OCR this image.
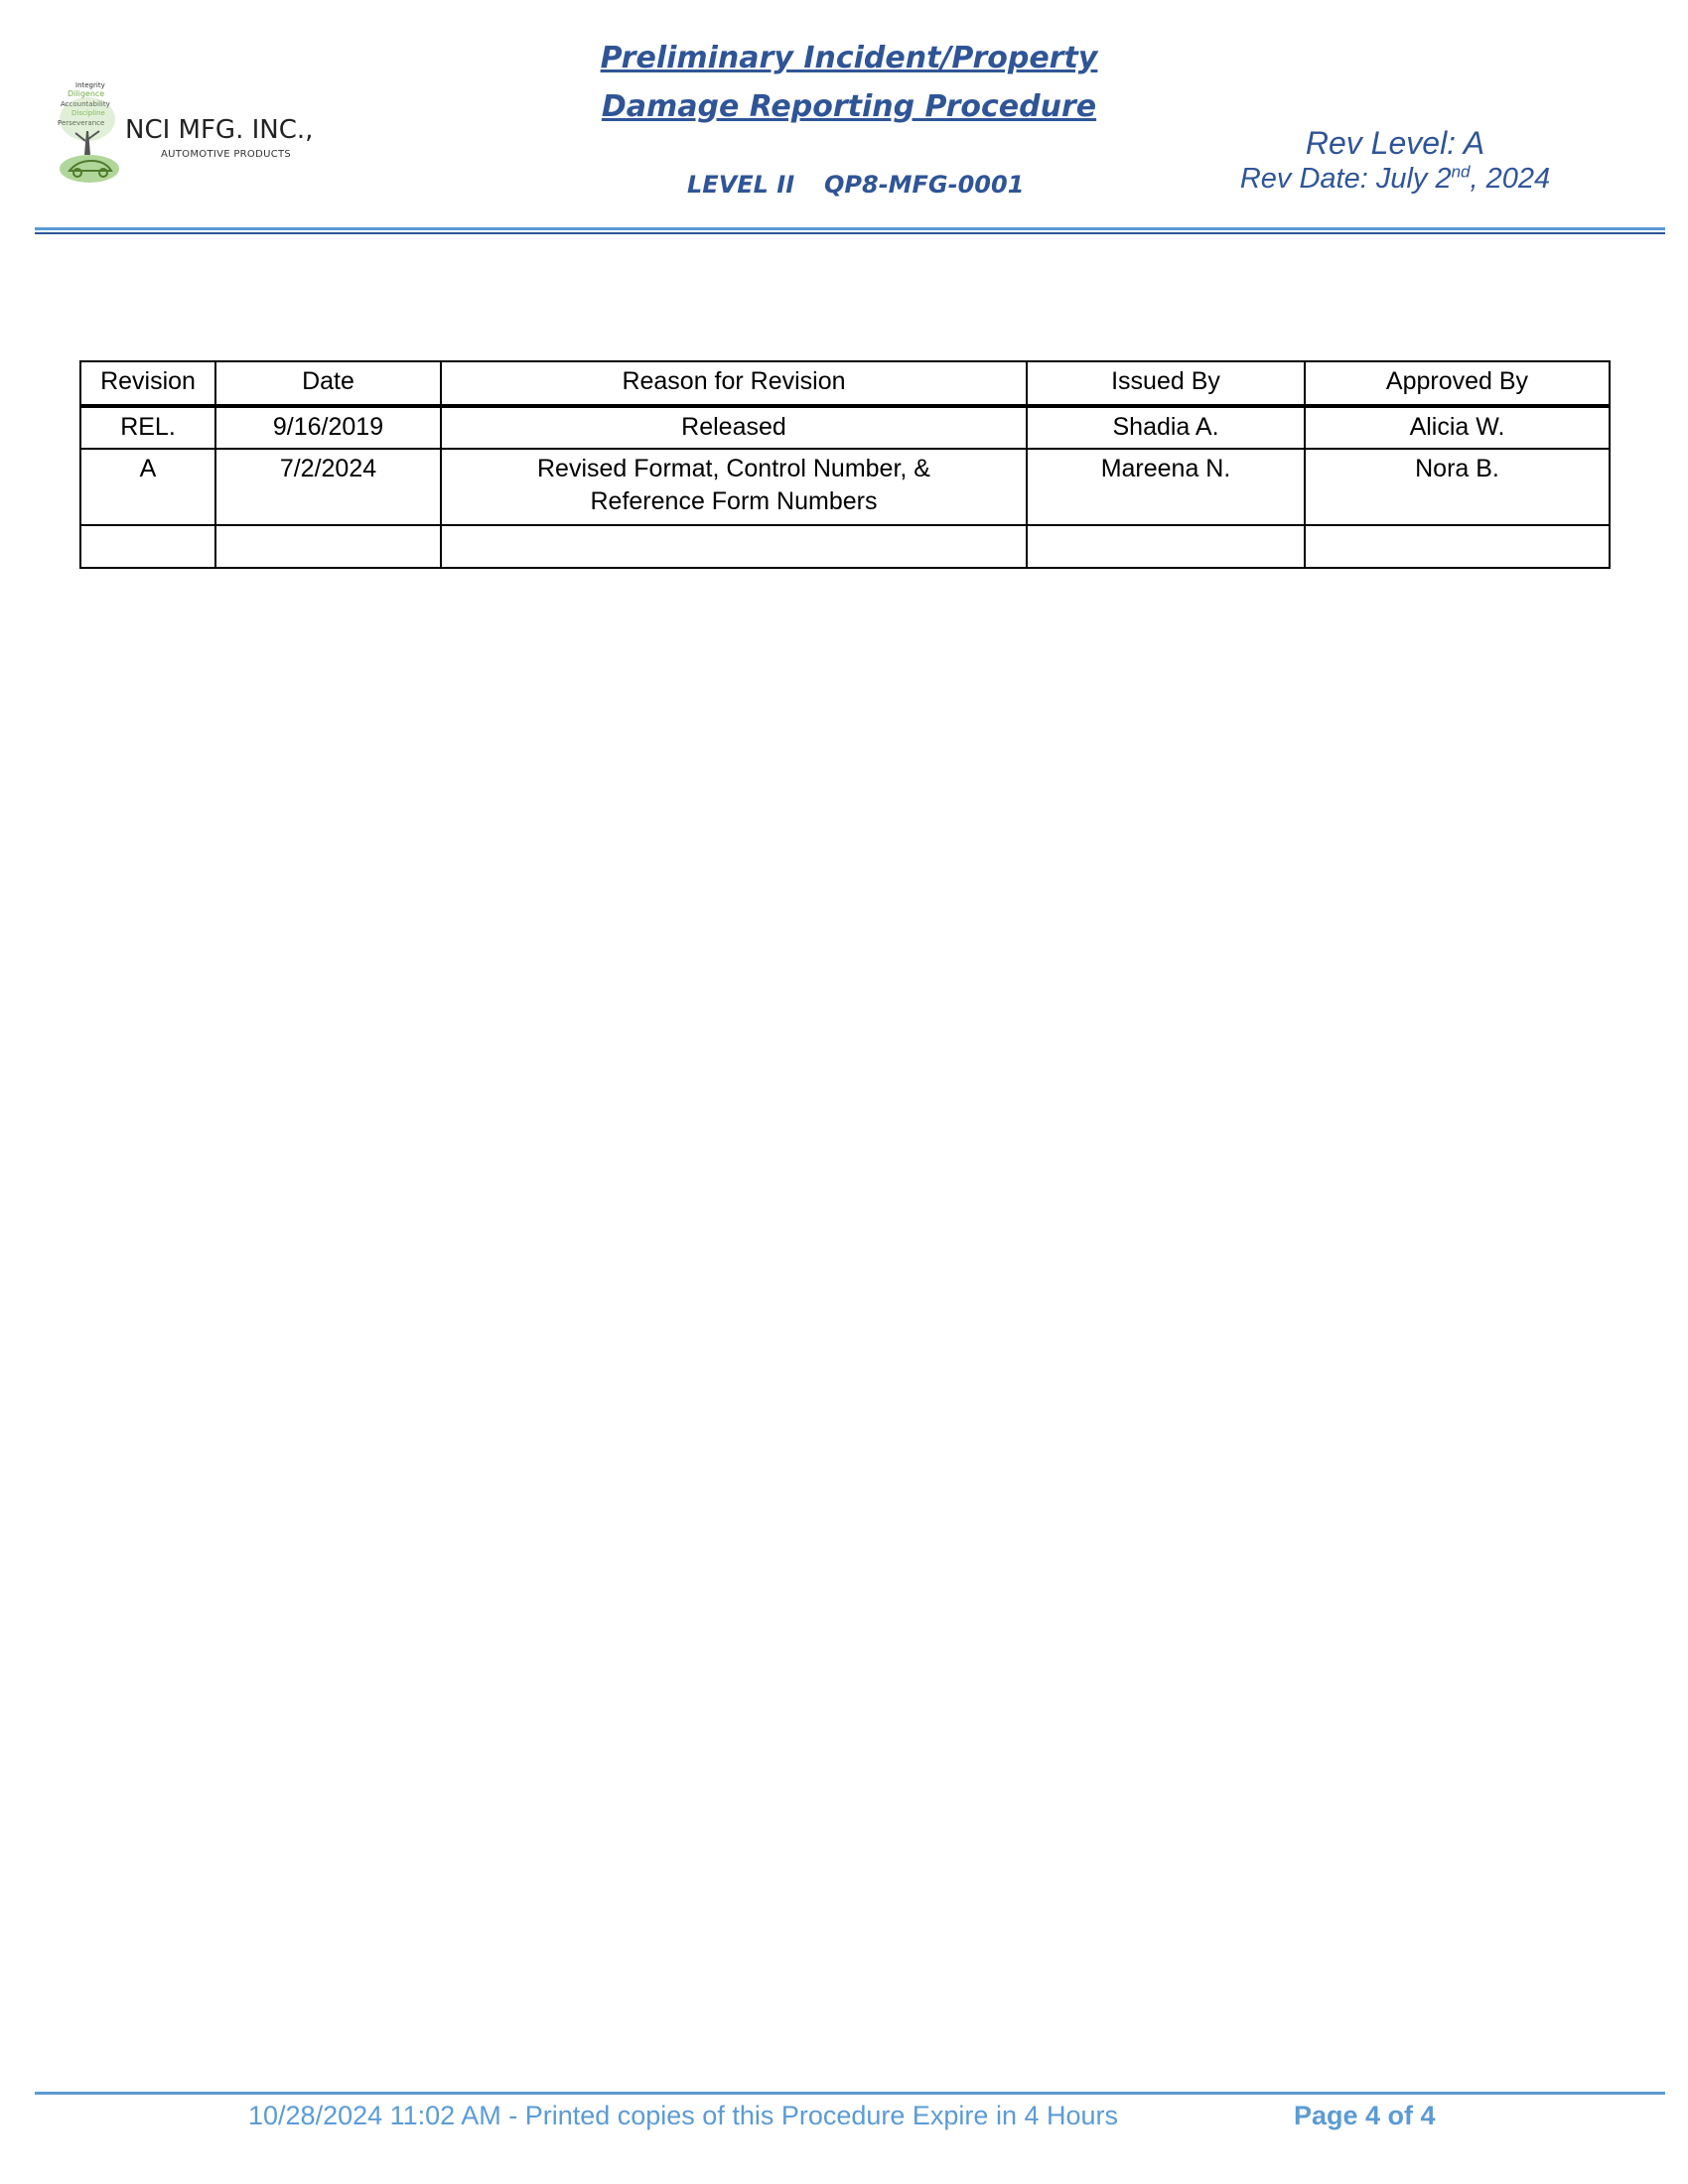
Integrity
Diligence
Accountability
Discipline
Perseverance NCI MFG. INC.,
AUTOMOTIVE PRODUCTS
Preliminary Incident/Property
Damage Reporting Procedure
LEVEL II QP8-MFG-0001
Rev Level: A
Rev Date: July 2nd, 2024
Revision	Date	Reason for Revision	Issued By	Approved By
REL.	9/16/2019	Released	Shadia A.	Alicia W.
A	7/2/2024	Revised Format, Control Number, & Reference Form Numbers	Mareena N.	Nora B.

10/28/2024 11:02 AM - Printed copies of this Procedure Expire in 4 Hours	Page 4 of 4
